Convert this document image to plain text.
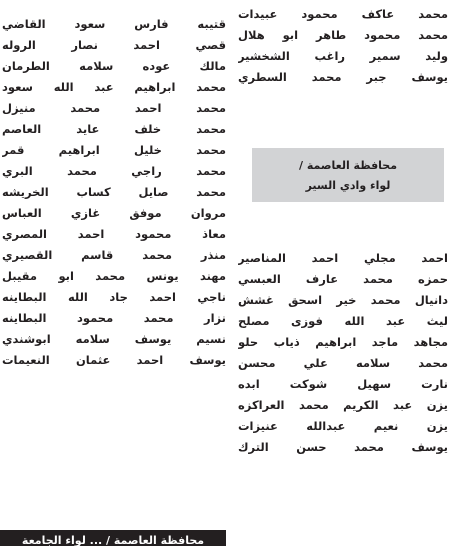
محمد عاكف محمود عبيدات
محمد محمود طاهر ابو هلال
وليد سمير راغب الشخشير
يوسف جبر محمد السطري
محافظة العاصمة /
لواء وادي السير
احمد مجلي احمد المناصير
حمزه محمد عارف العبسي
دانيال محمد خير اسحق غشش
ليث عبد الله فوزى مصلح
مجاهد ماجد ابراهيم ذياب حلو
محمد سلامه علي محسن
نارت سهيل شوكت ابده
يزن عبد الكريم محمد العراكزه
يزن نعيم عبدالله عنيزات
يوسف محمد حسن الترك
قتيبه فارس سعود القاضي
قصي احمد نصار الروله
مالك عوده سلامه الطرمان
محمد ابراهيم عبد الله سعود
محمد احمد محمد منيزل
محمد خلف عايد العاصم
محمد خليل ابراهيم قمر
محمد راجي محمد البري
محمد صايل كساب الخريشه
مروان موفق غازي العباس
معاذ محمود احمد المصري
منذر محمد قاسم القصيري
مهند يونس محمد ابو مقيبل
ناجي احمد جاد الله البطاينه
نزار محمد محمود البطاينه
نسيم يوسف سلامه ابوشندي
يوسف احمد عثمان النعيمات
محافظة العاصمة / ... لواء الجامعة
